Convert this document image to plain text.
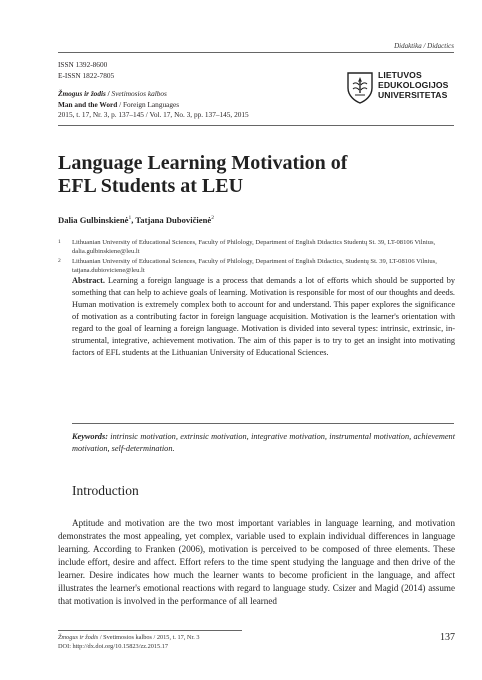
Didaktika / Didactics
ISSN 1392-8600
E-ISSN 1822-7805
Žmogus ir žodis / Svetimosios kalbos
Man and the Word / Foreign Languages
2015, t. 17, Nr. 3, p. 137–145 / Vol. 17, No. 3, pp. 137–145, 2015
LIETUVOS
EDUKOLOGIJOS
UNIVERSITETAS
Language Learning Motivation of
EFL Students at LEU
Dalia Gulbinskienė$^1$, Tatjana Dubovičienė$^2$
1 Lithuanian University of Educational Sciences, Faculty of Philology, Department of English Didactics Studentų St. 39, LT-08106 Vilnius, dalia.gulbinskiene@leu.lt
2 Lithuanian University of Educational Sciences, Faculty of Philology, Department of English Didactics, Studentų St. 39, LT-08106 Vilnius, tatjana.dubioviciene@leu.lt
Abstract. Learning a foreign language is a process that demands a lot of efforts which should be supported by something that can help to achieve goals of learning. Motivation is responsible for most of our thoughts and deeds. Human motivation is extremely complex both to account for and understand. This paper explores the significance of motivation as a contributing factor in foreign language acquisition. Motivation is the learner's orientation with regard to the goal of learning a foreign language. Motivation is divided into several types: intrinsic, extrinsic, instrumental, integrative, achievement motivation. The aim of this paper is to try to get an insight into motivating factors of EFL students at the Lithuanian University of Educational Sciences.
Keywords: intrinsic motivation, extrinsic motivation, integrative motivation, instrumental motivation, achievement motivation, self-determination.
Introduction
Aptitude and motivation are the two most important variables in language learning, and motivation demonstrates the most appealing, yet complex, variable used to explain individual differences in language learning. According to Franken (2006), motivation is perceived to be composed of three elements. These include effort, desire and affect. Effort refers to the time spent studying the language and then drive of the learner. Desire indicates how much the learner wants to become proficient in the language, and affect illustrates the learner's emotional reactions with regard to language study. Csizer and Magid (2014) assume that motivation is involved in the performance of all learned
Žmogus ir žodis / Svetimosios kalbos / 2015, t. 17, Nr. 3
DOI: http://dx.doi.org/10.15823/zz.2015.17
137
